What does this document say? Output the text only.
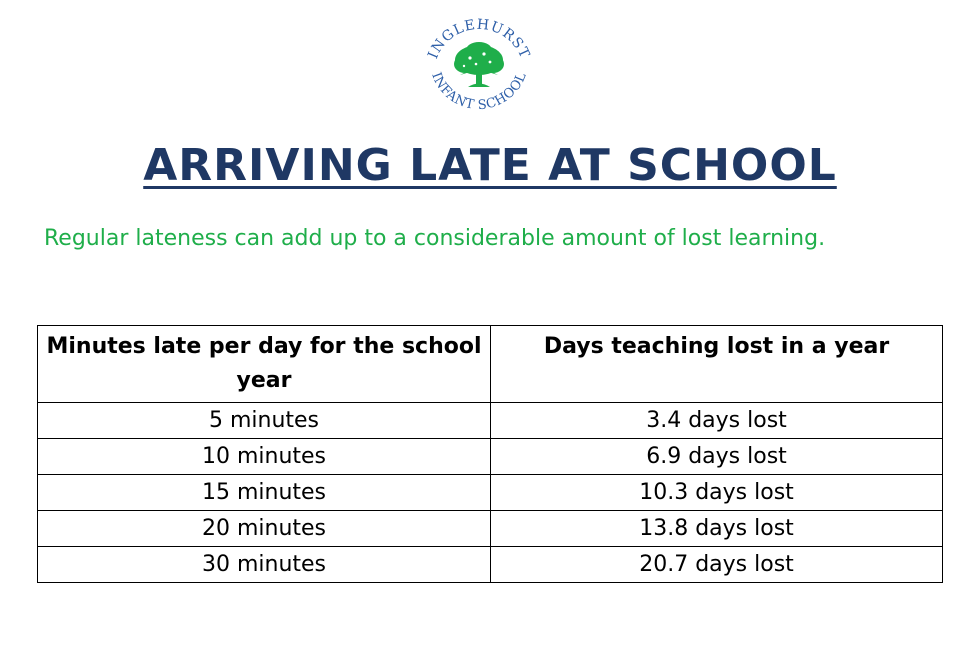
INGLEHURST
INFANT SCHOOL
ARRIVING LATE AT SCHOOL
Regular lateness can add up to a considerable amount of lost learning.
Minutes late per day for the school year	Days teaching lost in a year
5 minutes	3.4 days lost
10 minutes	6.9 days lost
15 minutes	10.3 days lost
20 minutes	13.8 days lost
30 minutes	20.7 days lost
